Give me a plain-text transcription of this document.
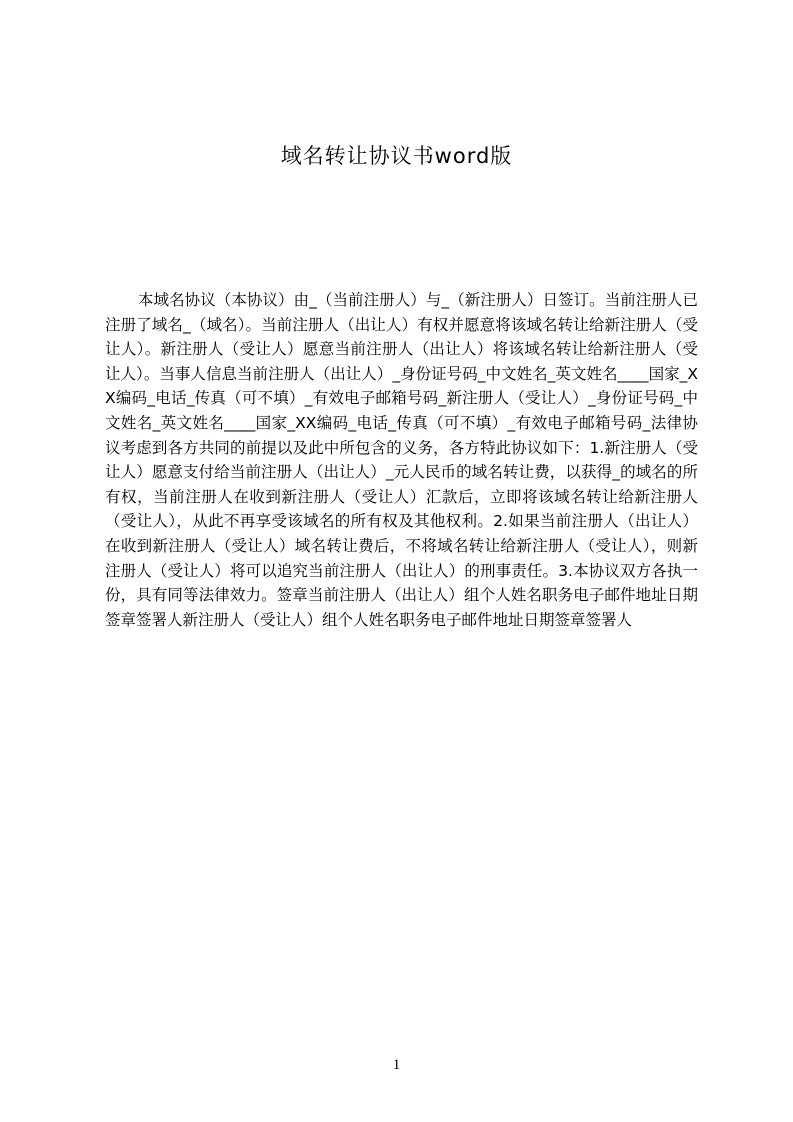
域名转让协议书word版

本域名协议（本协议）由_（当前注册人）与_（新注册人）日签订。当前注册人已注册了域名_（域名）。当前注册人（出让人）有权并愿意将该域名转让给新注册人（受让人）。新注册人（受让人）愿意当前注册人（出让人）将该域名转让给新注册人（受让人）。当事人信息当前注册人（出让人）_身份证号码_中文姓名_英文姓名____国家_XX编码_电话_传真（可不填）_有效电子邮箱号码_新注册人（受让人）_身份证号码_中文姓名_英文姓名____国家_XX编码_电话_传真（可不填）_有效电子邮箱号码_法律协议考虑到各方共同的前提以及此中所包含的义务，各方特此协议如下：1.新注册人（受让人）愿意支付给当前注册人（出让人）_元人民币的域名转让费，以获得_的域名的所有权，当前注册人在收到新注册人（受让人）汇款后，立即将该域名转让给新注册人（受让人），从此不再享受该域名的所有权及其他权利。2.如果当前注册人（出让人）在收到新注册人（受让人）域名转让费后，不将域名转让给新注册人（受让人），则新注册人（受让人）将可以追究当前注册人（出让人）的刑事责任。3.本协议双方各执一份，具有同等法律效力。签章当前注册人（出让人）组个人姓名职务电子邮件地址日期签章签署人新注册人（受让人）组个人姓名职务电子邮件地址日期签章签署人

1
